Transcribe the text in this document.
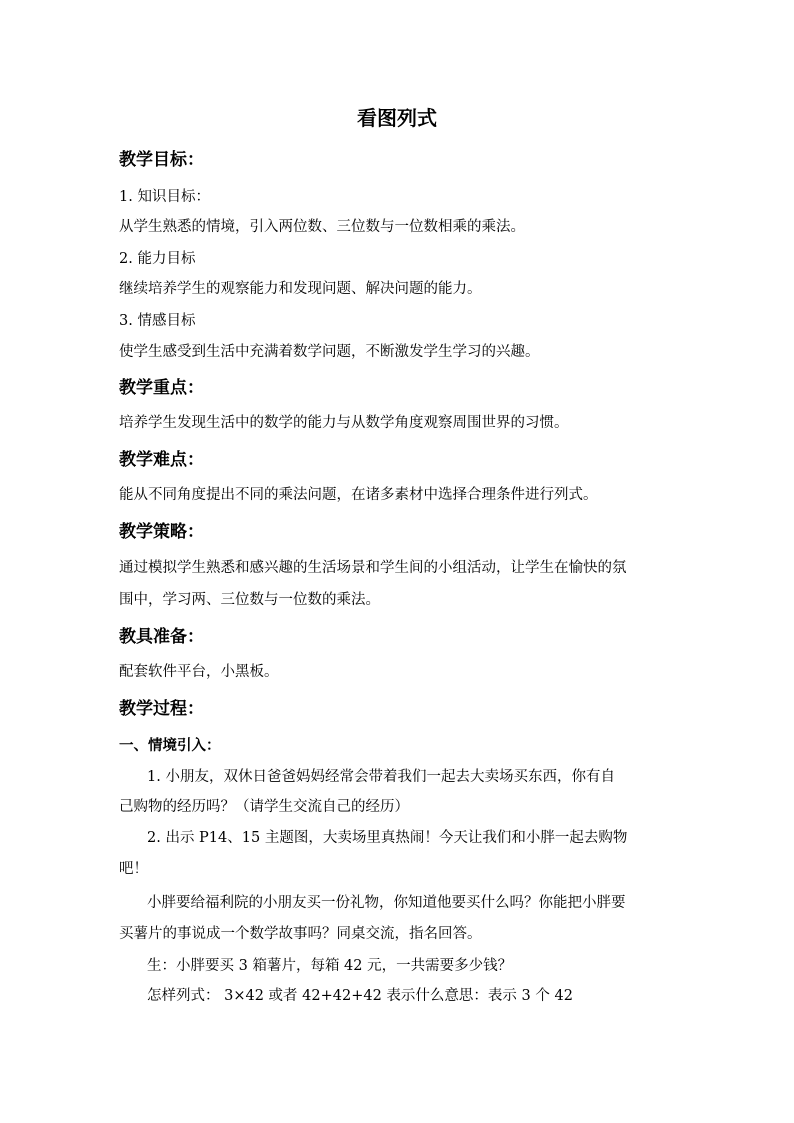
看图列式
教学目标：
1. 知识目标：
从学生熟悉的情境，引入两位数、三位数与一位数相乘的乘法。
2. 能力目标
继续培养学生的观察能力和发现问题、解决问题的能力。
3. 情感目标
使学生感受到生活中充满着数学问题，不断激发学生学习的兴趣。
教学重点：
培养学生发现生活中的数学的能力与从数学角度观察周围世界的习惯。
教学难点：
能从不同角度提出不同的乘法问题，在诸多素材中选择合理条件进行列式。
教学策略：
通过模拟学生熟悉和感兴趣的生活场景和学生间的小组活动，让学生在愉快的氛
围中，学习两、三位数与一位数的乘法。
教具准备：
配套软件平台，小黑板。
教学过程：
一、情境引入：
1. 小朋友，双休日爸爸妈妈经常会带着我们一起去大卖场买东西，你有自
己购物的经历吗？（请学生交流自己的经历）
2. 出示 P14、15 主题图，大卖场里真热闹！今天让我们和小胖一起去购物
吧！
小胖要给福利院的小朋友买一份礼物，你知道他要买什么吗？你能把小胖要
买薯片的事说成一个数学故事吗？同桌交流，指名回答。
生：小胖要买 3 箱薯片，每箱 42 元，一共需要多少钱？
怎样列式： 3×42 或者 42+42+42 表示什么意思：表示 3 个 42
